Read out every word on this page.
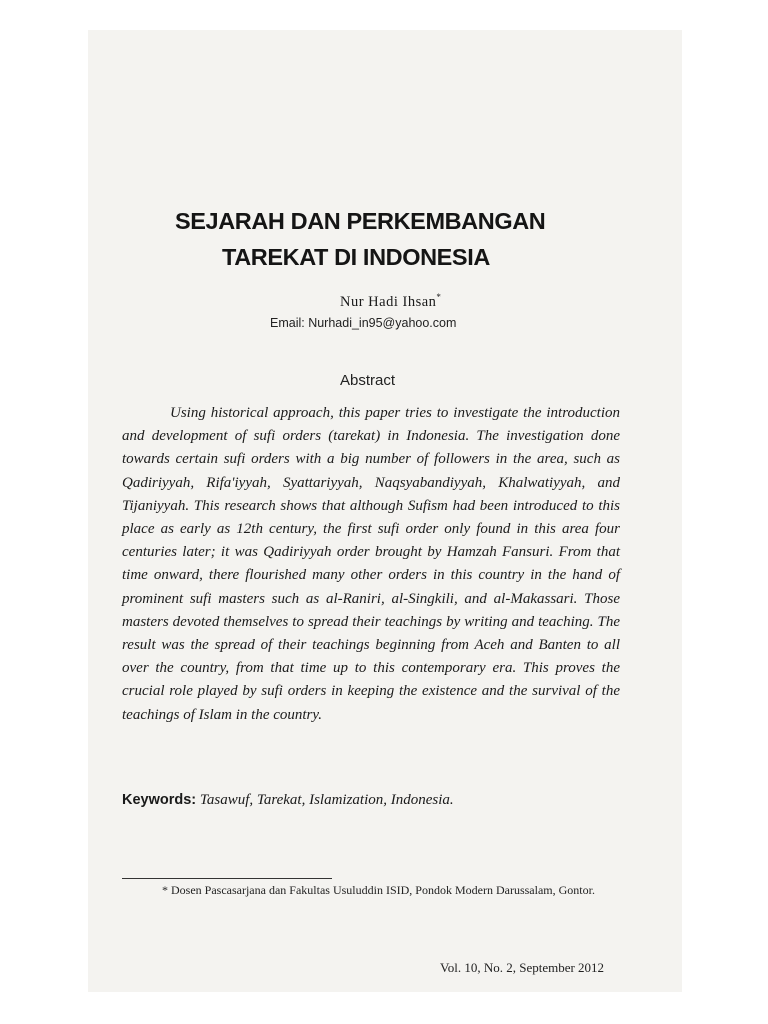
SEJARAH DAN PERKEMBANGAN
TAREKAT DI INDONESIA
Nur Hadi Ihsan*
Email: Nurhadi_in95@yahoo.com
Abstract

Using historical approach, this paper tries to investigate the introduction and development of sufi orders (tarekat) in Indonesia. The investigation done towards certain sufi orders with a big number of followers in the area, such as Qadiriyyah, Rifa'iyyah, Syattariyyah, Naqsyabandiyyah, Khalwatiyyah, and Tijaniyyah. This research shows that although Sufism had been introduced to this place as early as 12th century, the first sufi order only found in this area four centuries later; it was Qadiriyyah order brought by Hamzah Fansuri. From that time onward, there flourished many other orders in this country in the hand of prominent sufi masters such as al-Raniri, al-Singkili, and al-Makassari. Those masters devoted themselves to spread their teachings by writing and teaching. The result was the spread of their teachings beginning from Aceh and Banten to all over the country, from that time up to this contemporary era. This proves the crucial role played by sufi orders in keeping the existence and the survival of the teachings of Islam in the country.

Keywords: Tasawuf, Tarekat, Islamization, Indonesia.
* Dosen Pascasarjana dan Fakultas Usuluddin ISID, Pondok Modern Darussalam, Gontor.
Vol. 10, No. 2, September 2012
